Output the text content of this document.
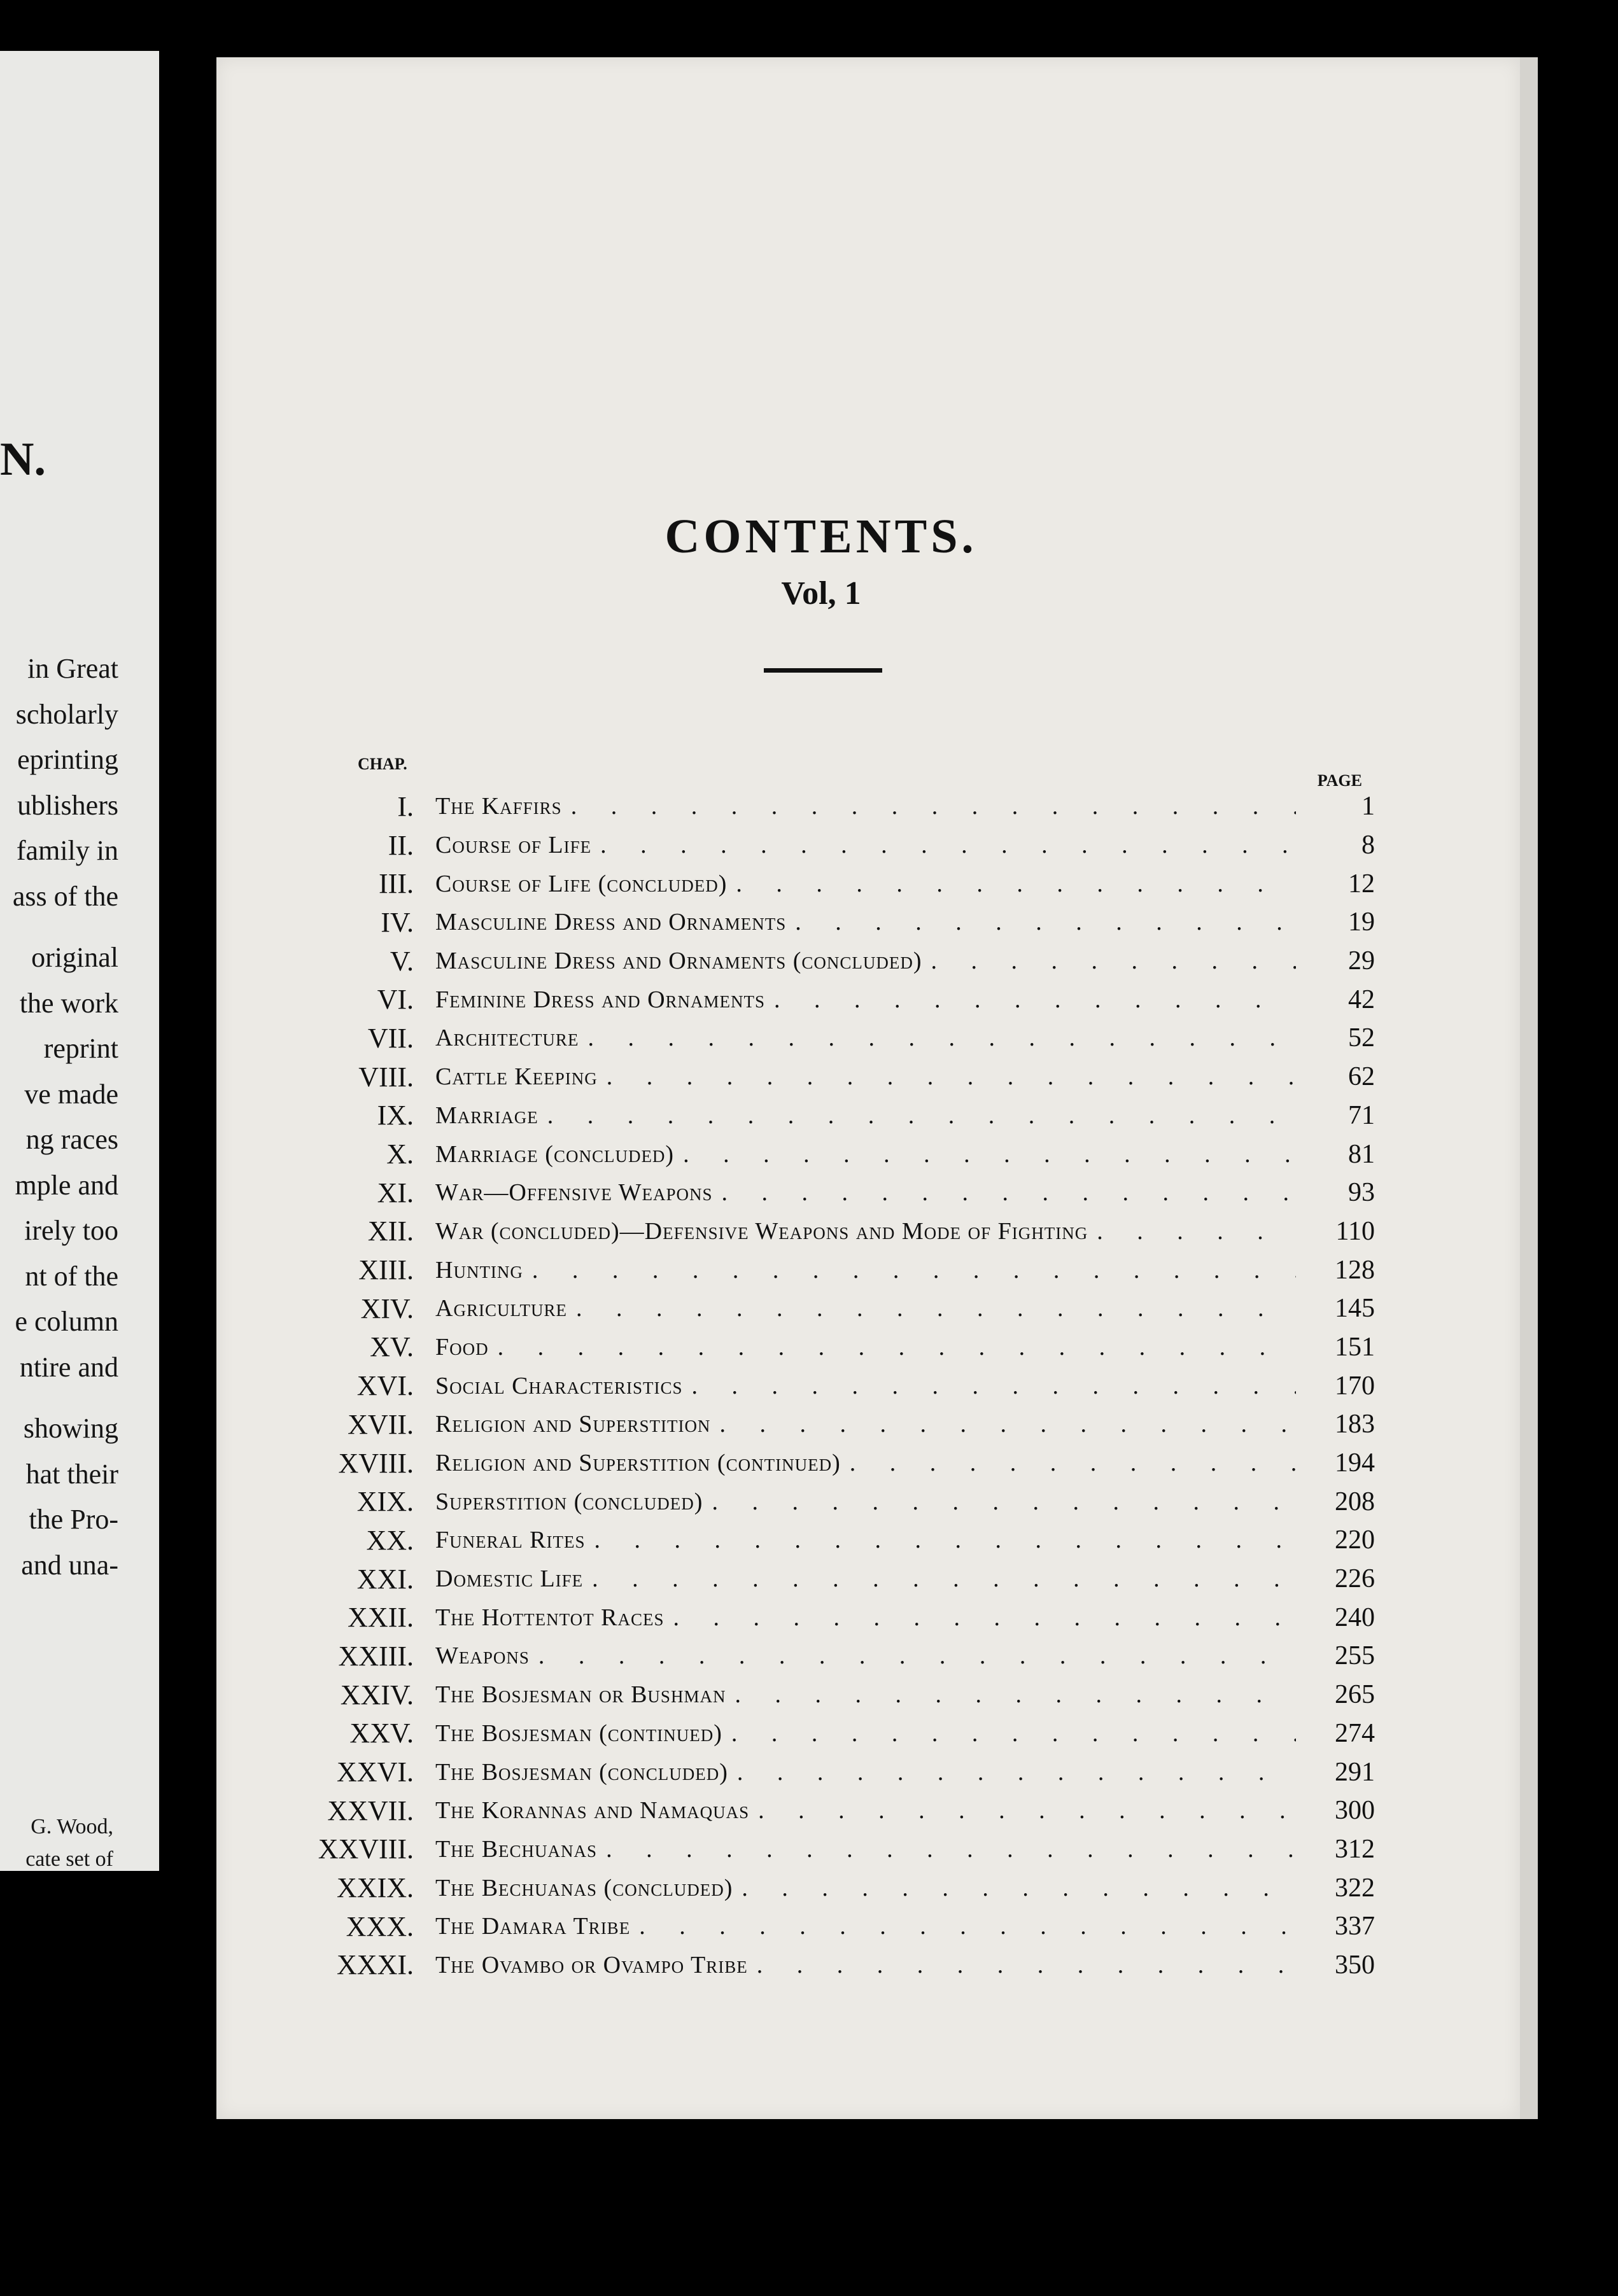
N.
in Great
scholarly
eprinting
ublishers
family in
ass of the
original
the work
reprint
ve made
ng races
mple and
irely too
nt of the
e column
ntire and
showing
hat their
the Pro-
and una-
G. Wood,
cate set of
CONTENTS.
Vol, 1
CHAP.
PAGE
I. The Kaffirs . . .	1
II. Course of Life . . .	8
III. Course of Life (concluded) . . .	12
IV. Masculine Dress and Ornaments . . .	19
V. Masculine Dress and Ornaments (concluded) . . .	29
VI. Feminine Dress and Ornaments . . .	42
VII. Architecture . . .	52
VIII. Cattle Keeping . . .	62
IX. Marriage . . .	71
X. Marriage (concluded) . . .	81
XI. War—Offensive Weapons . . .	93
XII. War (concluded)—Defensive Weapons and Mode of Fighting . . .	110
XIII. Hunting . . .	128
XIV. Agriculture . . .	145
XV. Food . . .	151
XVI. Social Characteristics . . .	170
XVII. Religion and Superstition . . .	183
XVIII. Religion and Superstition (continued) . . .	194
XIX. Superstition (concluded) . . .	208
XX. Funeral Rites . . .	220
XXI. Domestic Life . . .	226
XXII. The Hottentot Races . . .	240
XXIII. Weapons . . .	255
XXIV. The Bosjesman or Bushman . . .	265
XXV. The Bosjesman (continued) . . .	274
XXVI. The Bosjesman (concluded) . . .	291
XXVII. The Korannas and Namaquas . . .	300
XXVIII. The Bechuanas . . .	312
XXIX. The Bechuanas (concluded) . . .	322
XXX. The Damara Tribe . . .	337
XXXI. The Ovambo or Ovampo Tribe . . .	350
